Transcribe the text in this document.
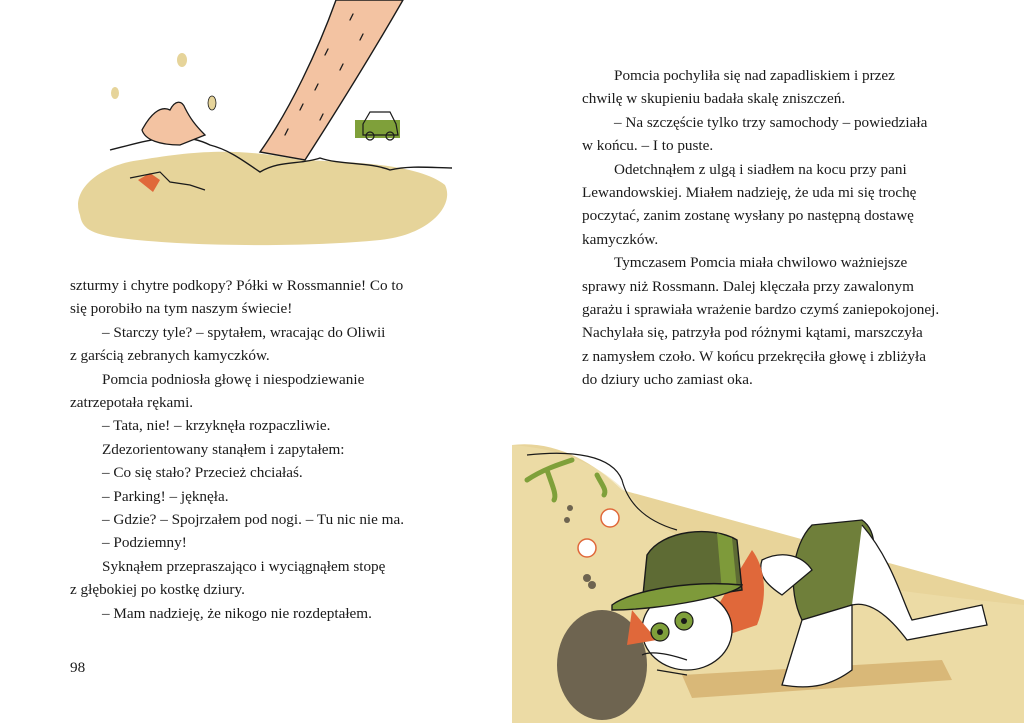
szturmy i chytre podkopy? Półki w Rossmannie! Co to
się porobiło na tym naszym świecie!

– Starczy tyle? – spytałem, wracając do Oliwii
z garścią zebranych kamyczków.

Pomcia podniosła głowę i niespodziewanie
zatrzepotała rękami.

– Tata, nie! – krzyknęła rozpaczliwie.

Zdezorientowany stanąłem i zapytałem:

– Co się stało? Przecież chciałaś.

– Parking! – jęknęła.

– Gdzie? – Spojrzałem pod nogi. – Tu nic nie ma.

– Podziemny!

Syknąłem przepraszająco i wyciągnąłem stopę
z głębokiej po kostkę dziury.

– Mam nadzieję, że nikogo nie rozdeptałem.

98

Pomcia pochyliła się nad zapadliskiem i przez
chwilę w skupieniu badała skalę zniszczeń.

– Na szczęście tylko trzy samochody – powiedziała
w końcu. – I to puste.

Odetchnąłem z ulgą i siadłem na kocu przy pani
Lewandowskiej. Miałem nadzieję, że uda mi się trochę
poczytać, zanim zostanę wysłany po następną dostawę
kamyczków.

Tymczasem Pomcia miała chwilowo ważniejsze
sprawy niż Rossmann. Dalej klęczała przy zawalonym
garażu i sprawiała wrażenie bardzo czymś zaniepokojonej.
Nachylała się, patrzyła pod różnymi kątami, marszczyła
z namysłem czoło. W końcu przekręciła głowę i zbliżyła
do dziury ucho zamiast oka.
